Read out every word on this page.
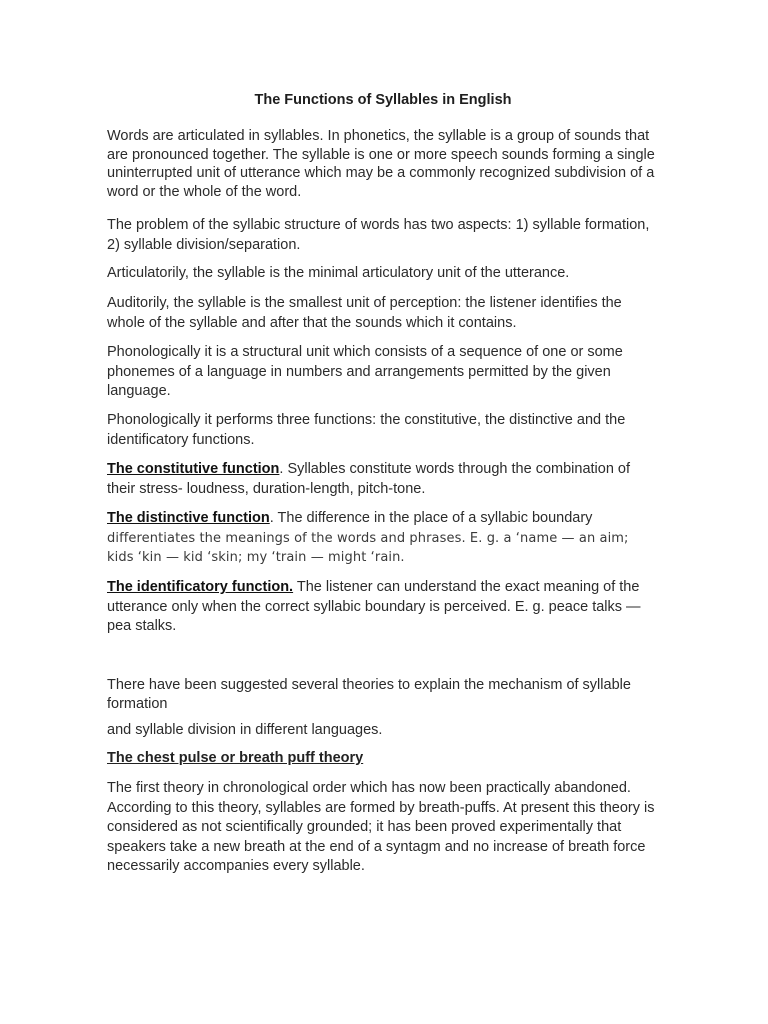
The Functions of Syllables in English

Words are articulated in syllables. In phonetics, the syllable is a group of sounds that are pronounced together. The syllable is one or more speech sounds forming a single uninterrupted unit of utterance which may be a commonly recognized subdivision of a word or the whole of the word.

The problem of the syllabic structure of words has two aspects: 1) syllable formation, 2) syllable division/separation.

Articulatorily, the syllable is the minimal articulatory unit of the utterance.

Auditorily, the syllable is the smallest unit of perception: the listener identifies the whole of the syllable and after that the sounds which it contains.

Phonologically it is a structural unit which consists of a sequence of one or some phonemes of a language in numbers and arrangements permitted by the given language.

Phonologically it performs three functions: the constitutive, the distinctive and the identificatory functions.

The constitutive function. Syllables constitute words through the combination of their stress- loudness, duration-length, pitch-tone.

The distinctive function. The difference in the place of a syllabic boundary
differentiates the meanings of the words and phrases. E. g. a ‘name — an aim; kids ‘kin — kid ‘skin; my ‘train — might ‘rain.

The identificatory function. The listener can understand the exact meaning of the utterance only when the correct syllabic boundary is perceived. E. g. peace talks — pea stalks.

There have been suggested several theories to explain the mechanism of syllable formation

and syllable division in different languages.

The chest pulse or breath puff theory

The first theory in chronological order which has now been practically abandoned. According to this theory, syllables are formed by breath-puffs. At present this theory is considered as not scientifically grounded; it has been proved experimentally that speakers take a new breath at the end of a syntagm and no increase of breath force necessarily accompanies every syllable.
